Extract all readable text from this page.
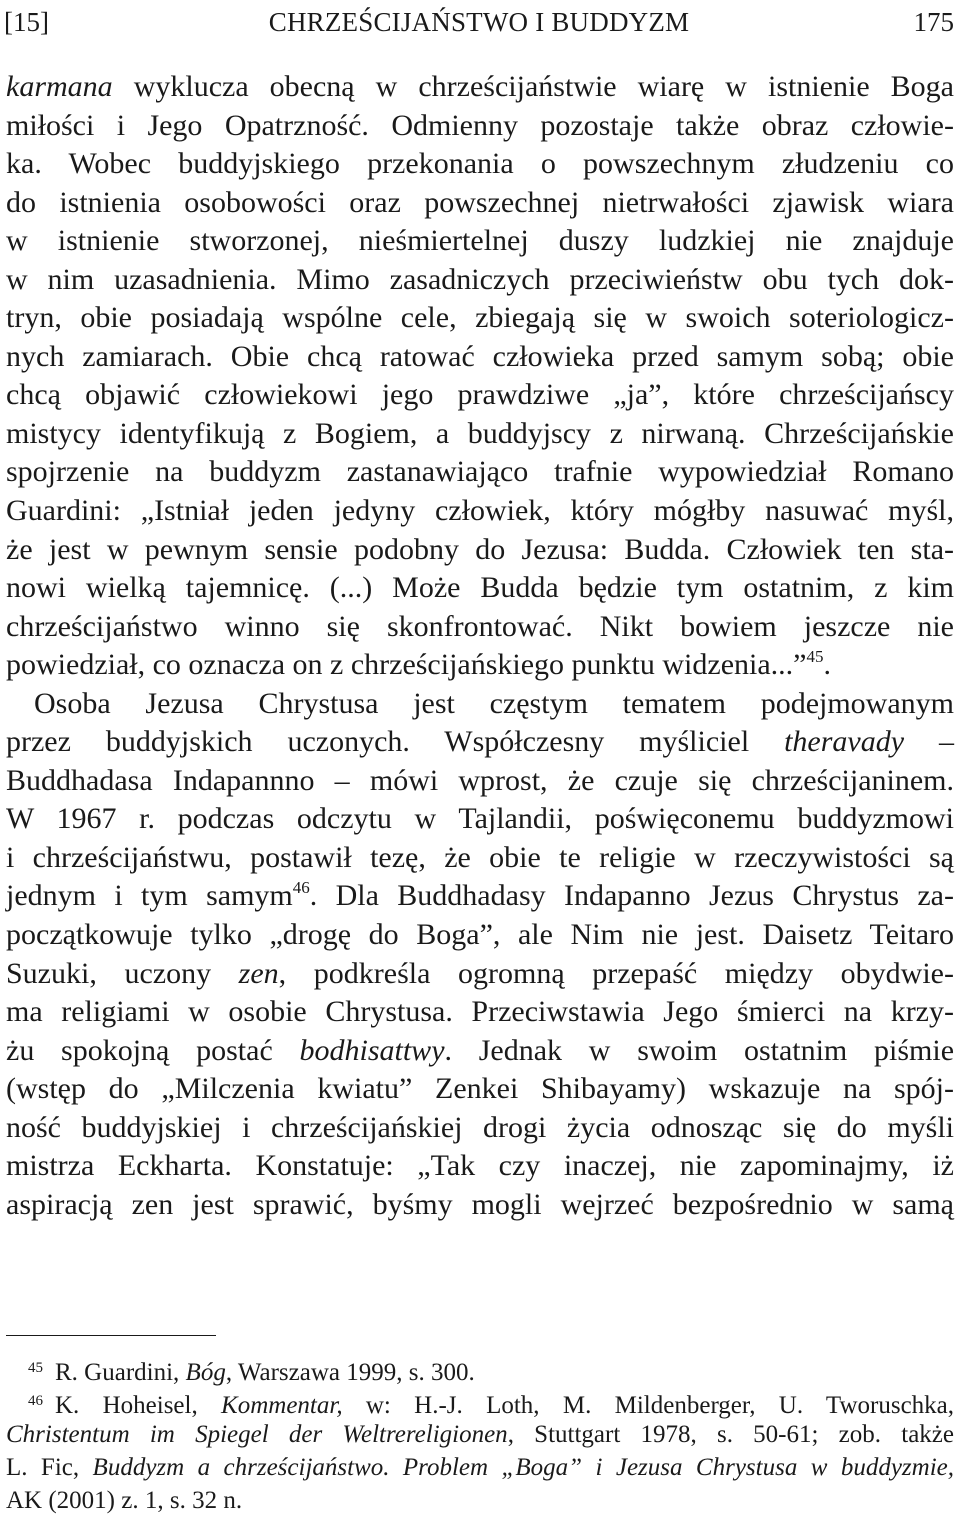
[15]	CHRZEŚCIJAŃSTWO I BUDDYZM	175
karmana wyklucza obecną w chrześcijaństwie wiarę w istnienie Boga
miłości i Jego Opatrzność. Odmienny pozostaje także obraz człowie-
ka. Wobec buddyjskiego przekonania o powszechnym złudzeniu co
do istnienia osobowości oraz powszechnej nietrwałości zjawisk wiara
w istnienie stworzonej, nieśmiertelnej duszy ludzkiej nie znajduje
w nim uzasadnienia. Mimo zasadniczych przeciwieństw obu tych dok-
tryn, obie posiadają wspólne cele, zbiegają się w swoich soteriologicz-
nych zamiarach. Obie chcą ratować człowieka przed samym sobą; obie
chcą objawić człowiekowi jego prawdziwe „ja”, które chrześcijańscy
mistycy identyfikują z Bogiem, a buddyjscy z nirwaną. Chrześcijańskie
spojrzenie na buddyzm zastanawiająco trafnie wypowiedział Romano
Guardini: „Istniał jeden jedyny człowiek, który mógłby nasuwać myśl,
że jest w pewnym sensie podobny do Jezusa: Budda. Człowiek ten sta-
nowi wielką tajemnicę. (...) Może Budda będzie tym ostatnim, z kim
chrześcijaństwo winno się skonfrontować. Nikt bowiem jeszcze nie
powiedział, co oznacza on z chrześcijańskiego punktu widzenia...”$^{45}$.
Osoba Jezusa Chrystusa jest częstym tematem podejmowanym
przez buddyjskich uczonych. Współczesny myśliciel theravady –
Buddhadasa Indapannno – mówi wprost, że czuje się chrześcijaninem.
W 1967 r. podczas odczytu w Tajlandii, poświęconemu buddyzmowi
i chrześcijaństwu, postawił tezę, że obie te religie w rzeczywistości są
jednym i tym samym$^{46}$. Dla Buddhadasy Indapanno Jezus Chrystus za-
początkowuje tylko „drogę do Boga”, ale Nim nie jest. Daisetz Teitaro
Suzuki, uczony zen, podkreśla ogromną przepaść między obydwie-
ma religiami w osobie Chrystusa. Przeciwstawia Jego śmierci na krzy-
żu spokojną postać bodhisattwy. Jednak w swoim ostatnim piśmie
(wstęp do „Milczenia kwiatu” Zenkei Shibayamy) wskazuje na spój-
ność buddyjskiej i chrześcijańskiej drogi życia odnosząc się do myśli
mistrza Eckharta. Konstatuje: „Tak czy inaczej, nie zapominajmy, iż
aspiracją zen jest sprawić, byśmy mogli wejrzeć bezpośrednio w samą
$^{45}$ R. Guardini, Bóg, Warszawa 1999, s. 300.
$^{46}$ K. Hoheisel, Kommentar, w: H.-J. Loth, M. Mildenberger, U. Tworuschka,
Christentum im Spiegel der Weltrereligionen, Stuttgart 1978, s. 50-61; zob. także
L. Fic, Buddyzm a chrześcijaństwo. Problem „Boga” i Jezusa Chrystusa w buddyzmie,
AK (2001) z. 1, s. 32 n.
